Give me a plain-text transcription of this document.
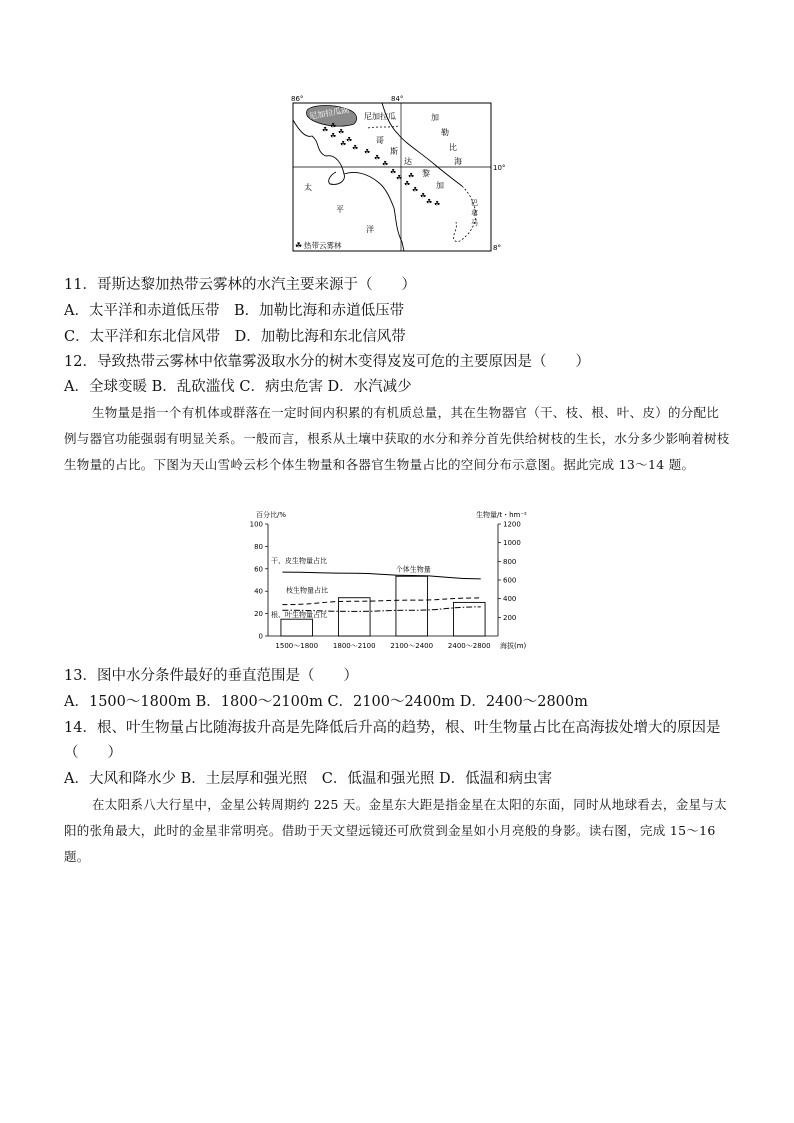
尼加拉瓜湖
86°	84°
10°
8°
尼加拉瓜	加
勒
比
海
哥
斯
达
黎
加
太
平
洋
巴
拿
马
☘ ☘
☘
☘
☘ ☘
☘
☘
☘
☘
☘
☘
☘
☘ ☘
☘
☘
☘
☘ 热带云雾林
11．哥斯达黎加热带云雾林的水汽主要来源于（　　）
A．太平洋和赤道低压带　B．加勒比海和赤道低压带
C．太平洋和东北信风带　D．加勒比海和东北信风带
12．导致热带云雾林中依靠雾汲取水分的树木变得岌岌可危的主要原因是（　　）
A．全球变暖 B．乱砍滥伐 C．病虫危害 D．水汽减少
生物量是指一个有机体或群落在一定时间内积累的有机质总量，其在生物器官（干、枝、根、叶、皮）的分配比例与器官功能强弱有明显关系。一般而言，根系从土壤中获取的水分和养分首先供给树枝的生长，水分多少影响着树枝生物量的占比。下图为天山雪岭云杉个体生物量和各器官生物量占比的空间分布示意图。据此完成 13～14 题。
0
20
40
60
80
100
200
400
600
800
1000
1200
百分比/%	生物量/t・hm⁻²
海拔(m)
1500～1800 1800～2100 2100～2400 2400～2800
干、皮生物量占比
枝生物量占比
根、叶生物量占比
个体生物量
13．图中水分条件最好的垂直范围是（　　）
A．1500～1800m B．1800～2100m C．2100～2400m D．2400～2800m
14．根、叶生物量占比随海拔升高是先降低后升高的趋势，根、叶生物量占比在高海拔处增大的原因是
（　　）
A．大风和降水少 B．土层厚和强光照　C．低温和强光照 D．低温和病虫害
在太阳系八大行星中，金星公转周期约 225 天。金星东大距是指金星在太阳的东面，同时从地球看去，金星与太阳的张角最大，此时的金星非常明亮。借助于天文望远镜还可欣赏到金星如小月亮般的身影。读右图，完成 15～16 题。
